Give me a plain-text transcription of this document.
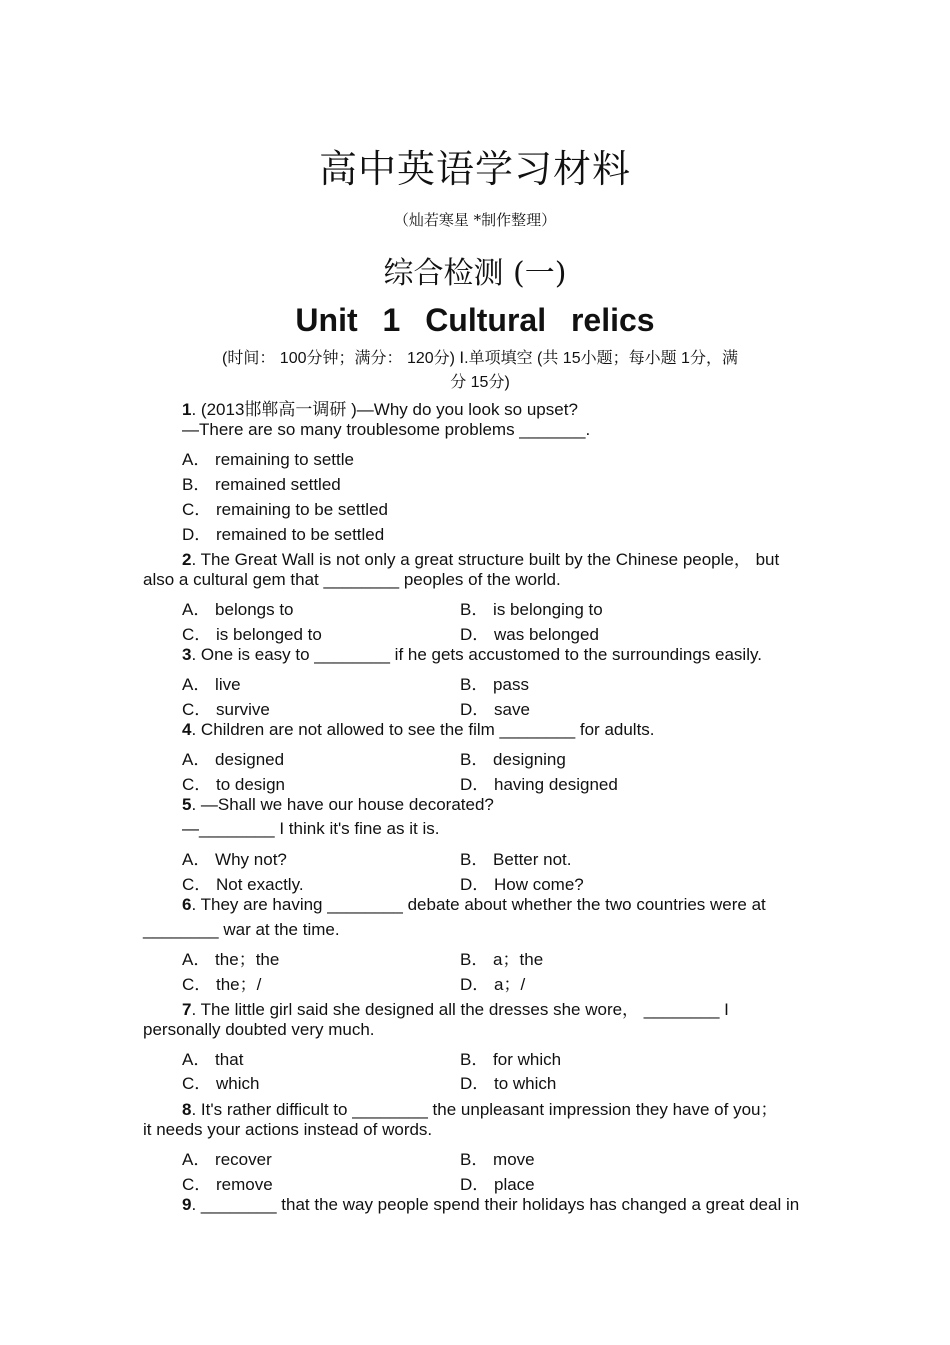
高中英语学习材料
（灿若寒星 *制作整理）
综合检测 (一)
Unit 1 Cultural relics
(时间： 100分钟；满分： 120分) Ⅰ.单项填空 (共 15小题；每小题 1分，满
分 15分)
1. (2013邯郸高一调研 )—Why do you look so upset?
—There are so many troublesome problems _______.
A． remaining to settle
B． remained settled
C． remaining to be settled
D． remained to be settled
2. The Great Wall is not only a great structure built by the Chinese people， but
also a cultural gem that ________ peoples of the world.
A． belongs to	B． is belonging to
C． is belonged to	D． was belonged
3. One is easy to ________ if he gets accustomed to the surroundings easily.
A． live	B． pass
C． survive	D． save
4. Children are not allowed to see the film ________ for adults.
A． designed	B． designing
C． to design	D． having designed
5. —Shall we have our house decorated?
—________ I think it's fine as it is.
A． Why not?	B． Better not.
C． Not exactly.	D． How come?
6. They are having ________ debate about whether the two countries were at
________ war at the time.
A． the；the	B． a；the
C． the；/	D． a；/
7. The little girl said she designed all the dresses she wore， ________ I
personally doubted very much.
A． that	B． for which
C． which	D． to which
8. It's rather difficult to ________ the unpleasant impression they have of you；
it needs your actions instead of words.
A． recover	B． move
C． remove	D． place
9. ________ that the way people spend their holidays has changed a great deal in
